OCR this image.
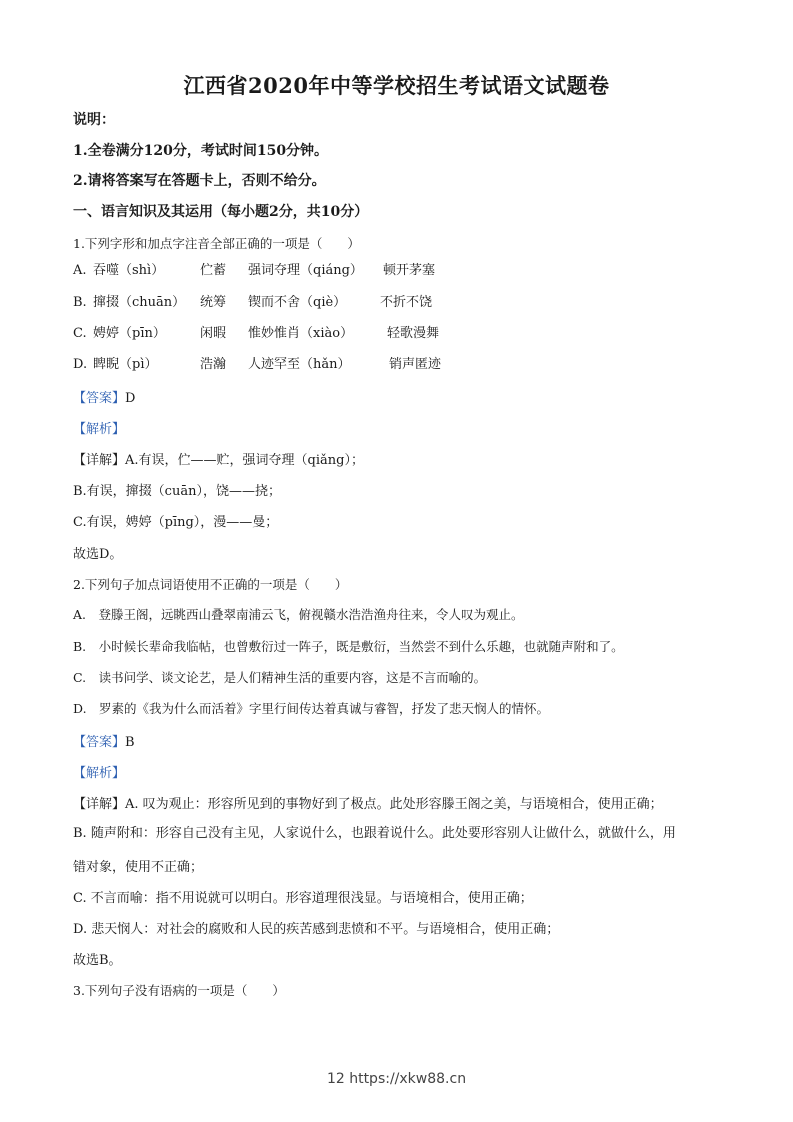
江西省2020年中等学校招生考试语文试题卷
说明：
1.全卷满分120分，考试时间150分钟。
2.请将答案写在答题卡上，否则不给分。
一、语言知识及其运用（每小题2分，共10分）
1.下列字形和加点字注音全部正确的一项是（　　）
A. 吞噬（shì）	伫蓄 强词夺理（qiáng） 顿开茅塞
B. 撺掇（chuān） 统筹 锲而不舍（qiè）	不折不饶
C. 娉婷（pīn）	闲暇 惟妙惟肖（xiào）	轻歌漫舞
D. 睥睨（pì）	浩瀚 人迹罕至（hǎn）	销声匿迹
【答案】D
【解析】
【详解】A.有误，伫——贮，强词夺理（qiǎng）；
B.有误，撺掇（cuān），饶——挠；
C.有误，娉婷（pīng），漫——曼；
故选D。
2.下列句子加点词语使用不正确的一项是（　　）
A.　登滕王阁，远眺西山叠翠南浦云飞，俯视赣水浩浩渔舟往来，令人叹为观止。
B.　小时候长辈命我临帖，也曾敷衍过一阵子，既是敷衍，当然尝不到什么乐趣，也就随声附和了。
C.　读书问学、谈文论艺，是人们精神生活的重要内容，这是不言而喻的。
D.　罗素的《我为什么而活着》字里行间传达着真诚与睿智，抒发了悲天悯人的情怀。
【答案】B
【解析】
【详解】A. 叹为观止：形容所见到的事物好到了极点。此处形容滕王阁之美，与语境相合，使用正确；
B. 随声附和：形容自己没有主见，人家说什么，也跟着说什么。此处要形容别人让做什么，就做什么，用
错对象，使用不正确；
C. 不言而喻：指不用说就可以明白。形容道理很浅显。与语境相合，使用正确；
D. 悲天悯人：对社会的腐败和人民的疾苦感到悲愤和不平。与语境相合，使用正确；
故选B。
3.下列句子没有语病的一项是（　　）
12 https://xkw88.cn
